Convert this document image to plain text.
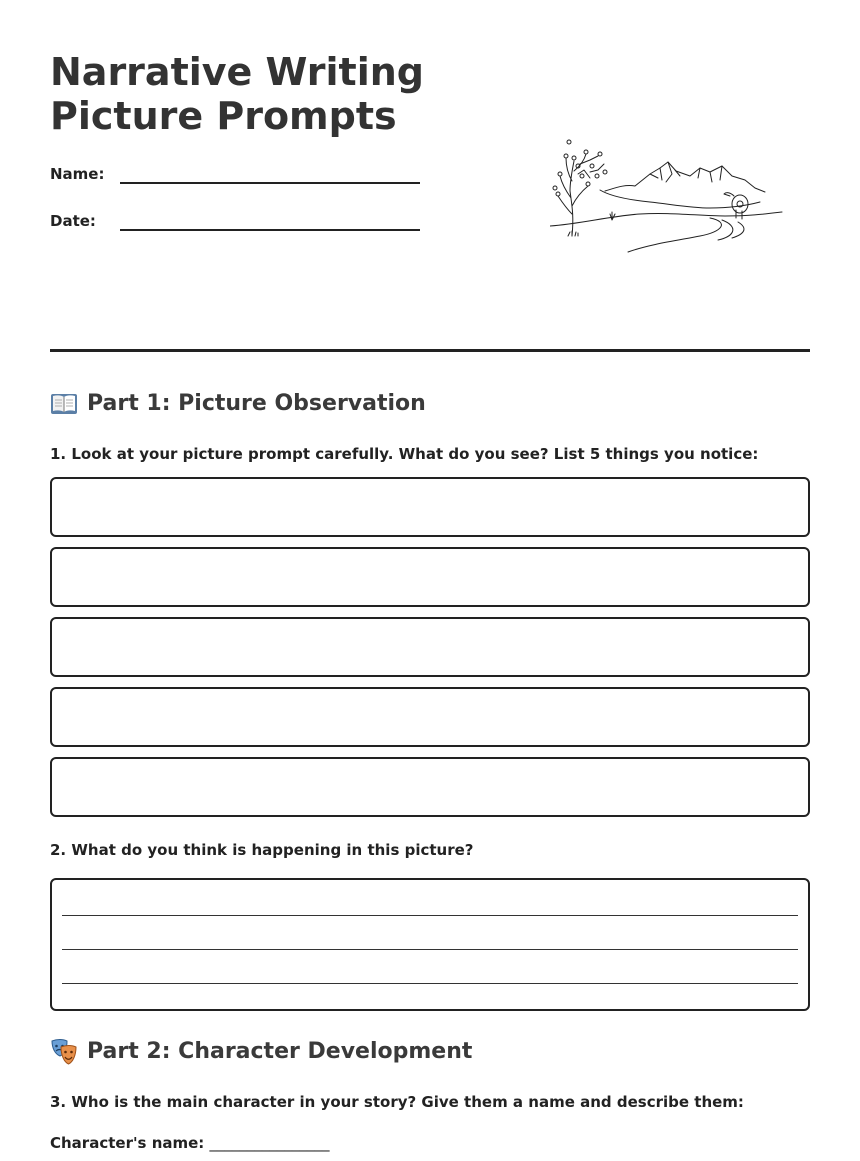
Narrative Writing
Picture Prompts
Name:
Date:
Part 1: Picture Observation
1. Look at your picture prompt carefully. What do you see? List 5 things you notice:
2. What do you think is happening in this picture?
Part 2: Character Development
3. Who is the main character in your story? Give them a name and describe them:
Character's name: ________________
